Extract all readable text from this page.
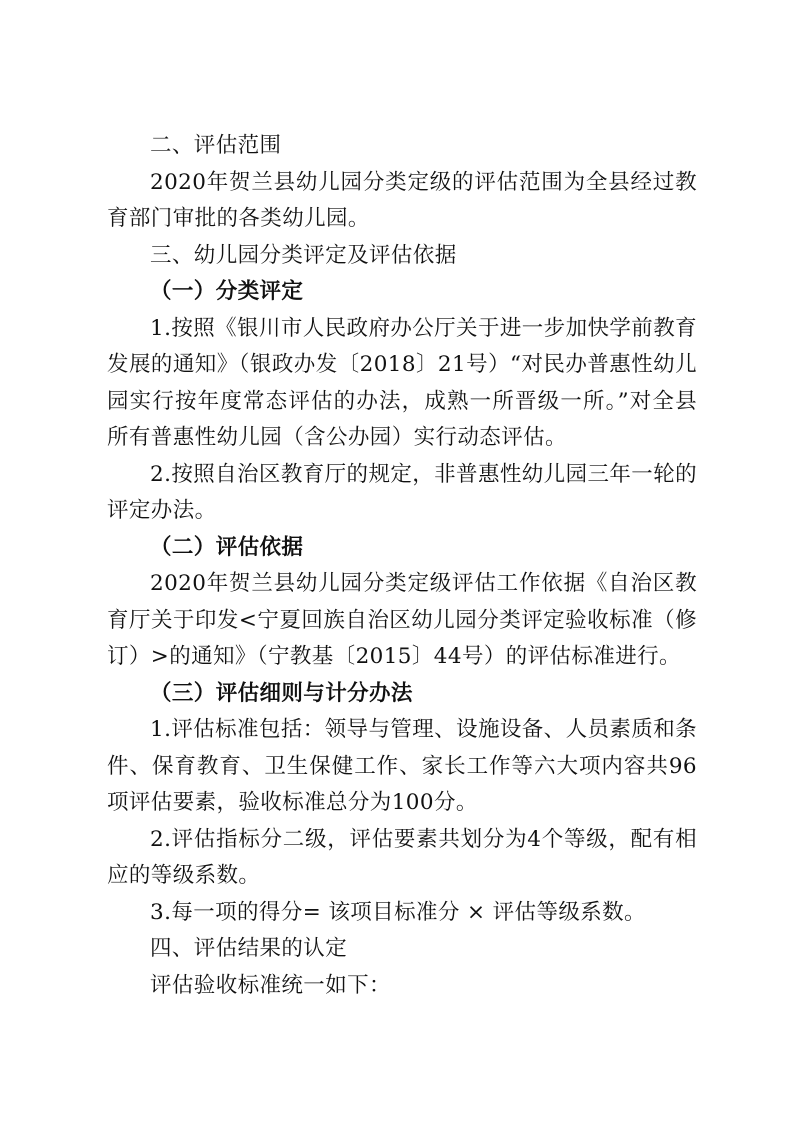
二、评估范围

2020年贺兰县幼儿园分类定级的评估范围为全县经过教育部门审批的各类幼儿园。

三、幼儿园分类评定及评估依据

（一）分类评定

1.按照《银川市人民政府办公厅关于进一步加快学前教育发展的通知》（银政办发〔2018〕21号）“对民办普惠性幼儿园实行按年度常态评估的办法，成熟一所晋级一所。”对全县所有普惠性幼儿园（含公办园）实行动态评估。

2.按照自治区教育厅的规定，非普惠性幼儿园三年一轮的评定办法。

（二）评估依据

2020年贺兰县幼儿园分类定级评估工作依据《自治区教育厅关于印发<宁夏回族自治区幼儿园分类评定验收标准（修订）>的通知》（宁教基〔2015〕44号）的评估标准进行。

（三）评估细则与计分办法

1.评估标准包括：领导与管理、设施设备、人员素质和条件、保育教育、卫生保健工作、家长工作等六大项内容共96项评估要素，验收标准总分为100分。

2.评估指标分二级，评估要素共划分为4个等级，配有相应的等级系数。

3.每一项的得分= 该项目标准分 × 评估等级系数。

四、评估结果的认定

评估验收标准统一如下：
